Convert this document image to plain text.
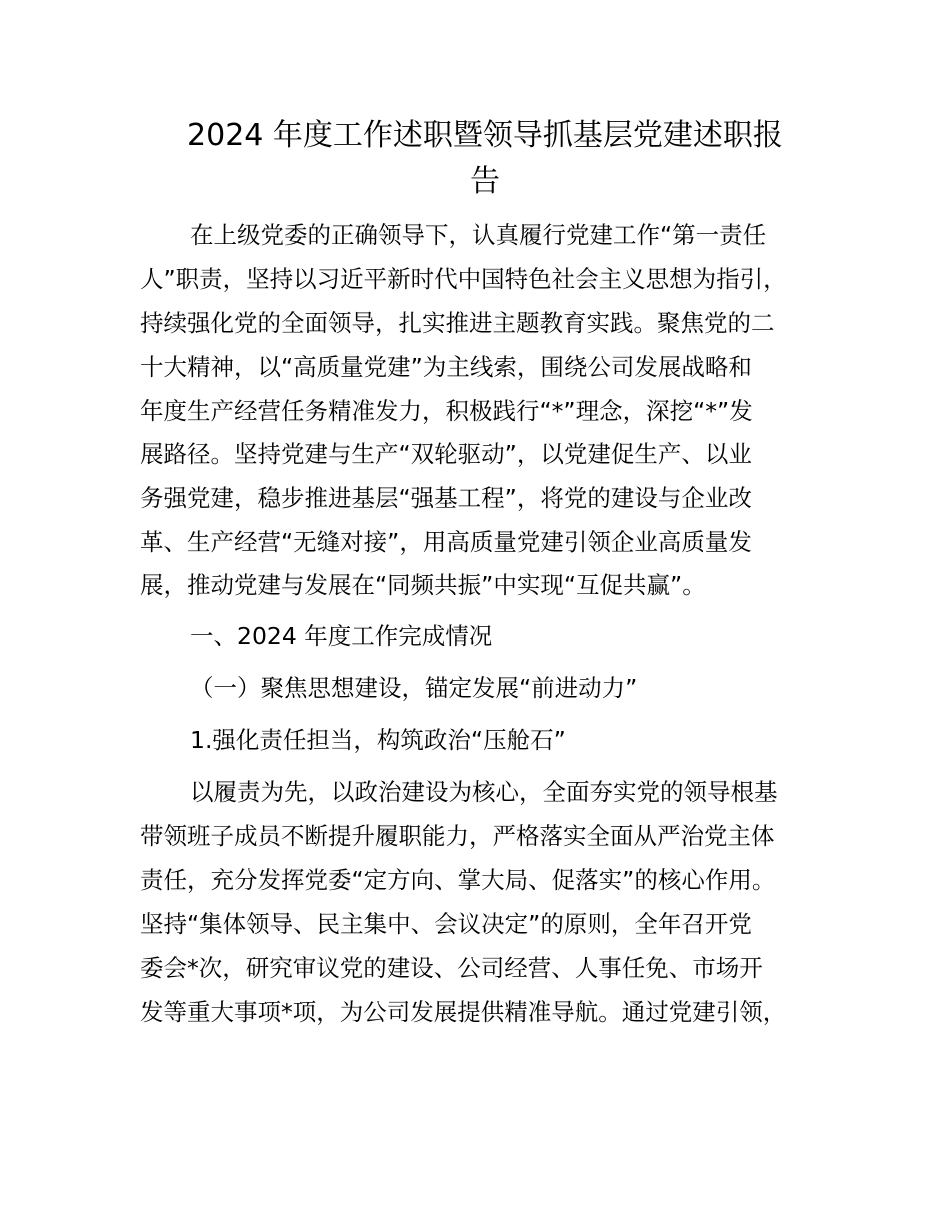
2024 年度工作述职暨领导抓基层党建述职报
告
在上级党委的正确领导下，认真履行党建工作“第一责任
人”职责，坚持以习近平新时代中国特色社会主义思想为指引，
持续强化党的全面领导，扎实推进主题教育实践。聚焦党的二
十大精神，以“高质量党建”为主线索，围绕公司发展战略和
年度生产经营任务精准发力，积极践行“*”理念，深挖“*”发
展路径。坚持党建与生产“双轮驱动”，以党建促生产、以业
务强党建，稳步推进基层“强基工程”，将党的建设与企业改
革、生产经营“无缝对接”，用高质量党建引领企业高质量发
展，推动党建与发展在“同频共振”中实现“互促共赢”。
一、2024 年度工作完成情况
（一）聚焦思想建设，锚定发展“前进动力”
1.强化责任担当，构筑政治“压舱石”
以履责为先，以政治建设为核心，全面夯实党的领导根基
带领班子成员不断提升履职能力，严格落实全面从严治党主体
责任，充分发挥党委“定方向、掌大局、促落实”的核心作用。
坚持“集体领导、民主集中、会议决定”的原则，全年召开党
委会*次，研究审议党的建设、公司经营、人事任免、市场开
发等重大事项*项，为公司发展提供精准导航。通过党建引领，
